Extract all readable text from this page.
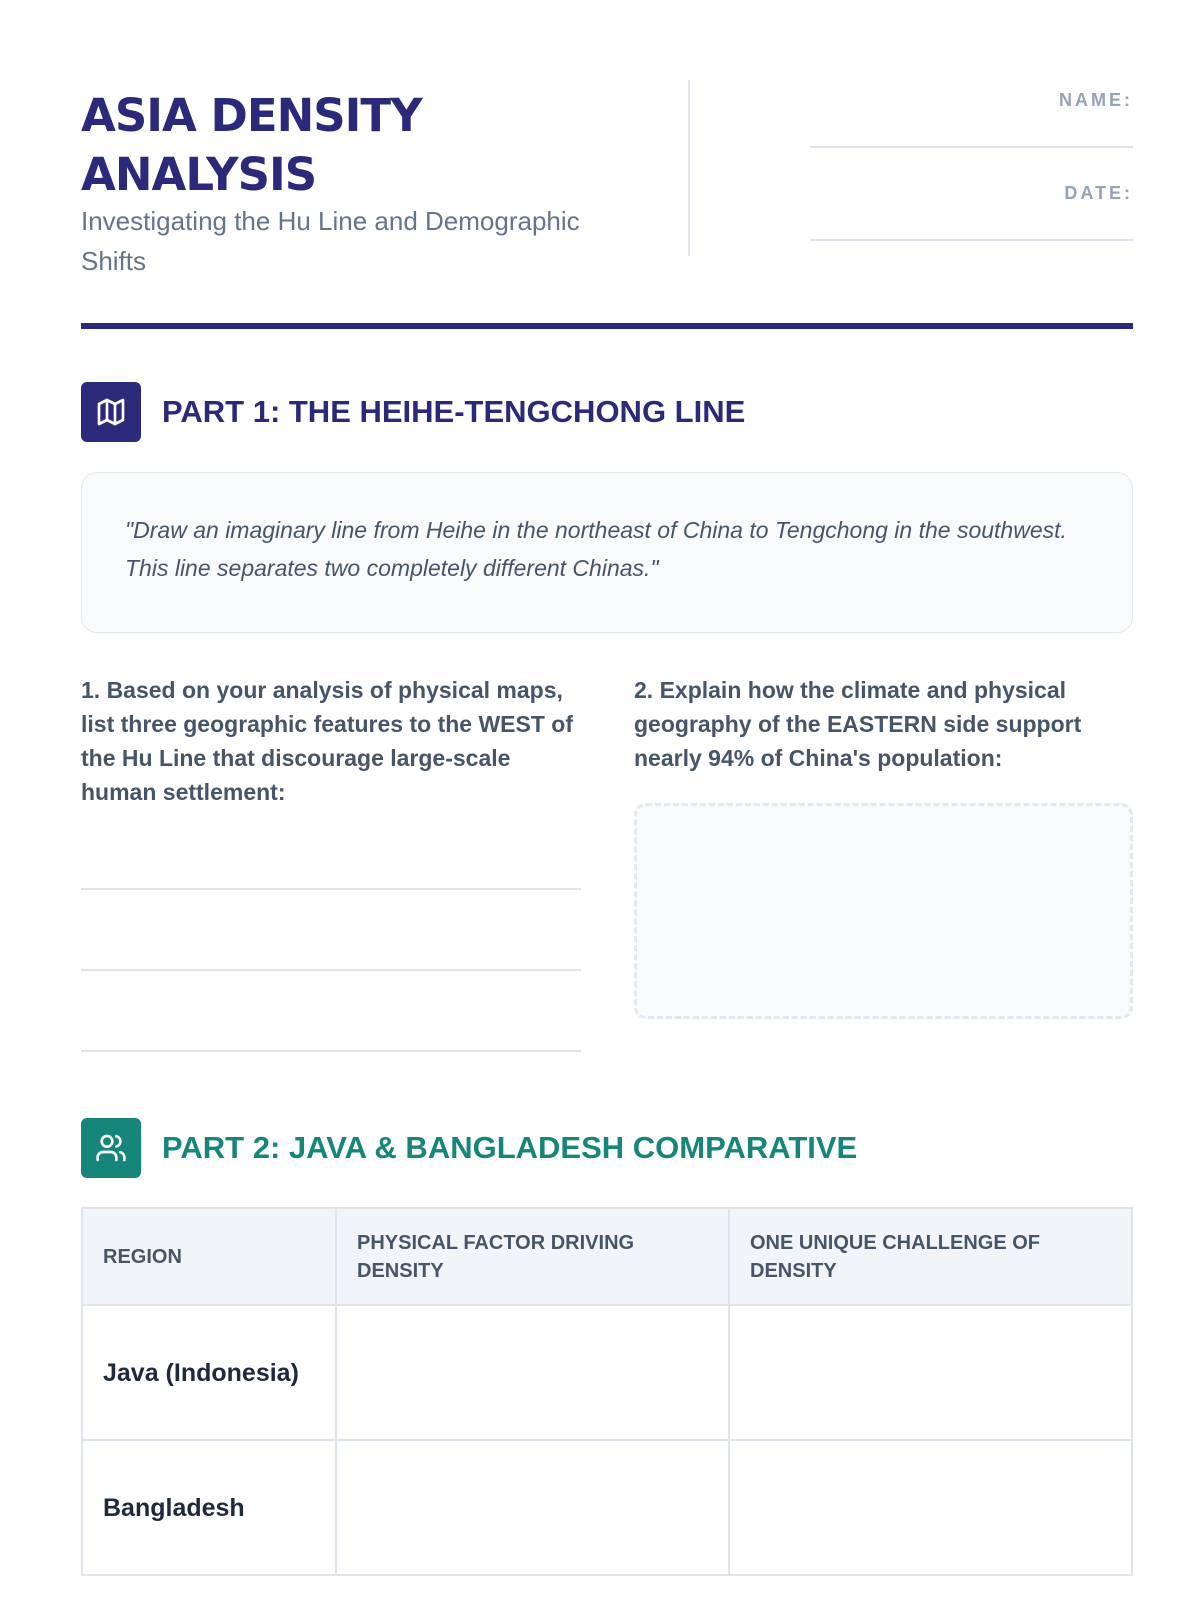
ASIA DENSITY ANALYSIS
Investigating the Hu Line and Demographic Shifts
NAME:
DATE:
PART 1: THE HEIHE-TENGCHONG LINE
"Draw an imaginary line from Heihe in the northeast of China to Tengchong in the southwest. This line separates two completely different Chinas."
1. Based on your analysis of physical maps, list three geographic features to the WEST of the Hu Line that discourage large-scale human settlement:
2. Explain how the climate and physical geography of the EASTERN side support nearly 94% of China's population:
PART 2: JAVA & BANGLADESH COMPARATIVE
REGION	PHYSICAL FACTOR DRIVING DENSITY	ONE UNIQUE CHALLENGE OF DENSITY
Java (Indonesia)		
Bangladesh		
